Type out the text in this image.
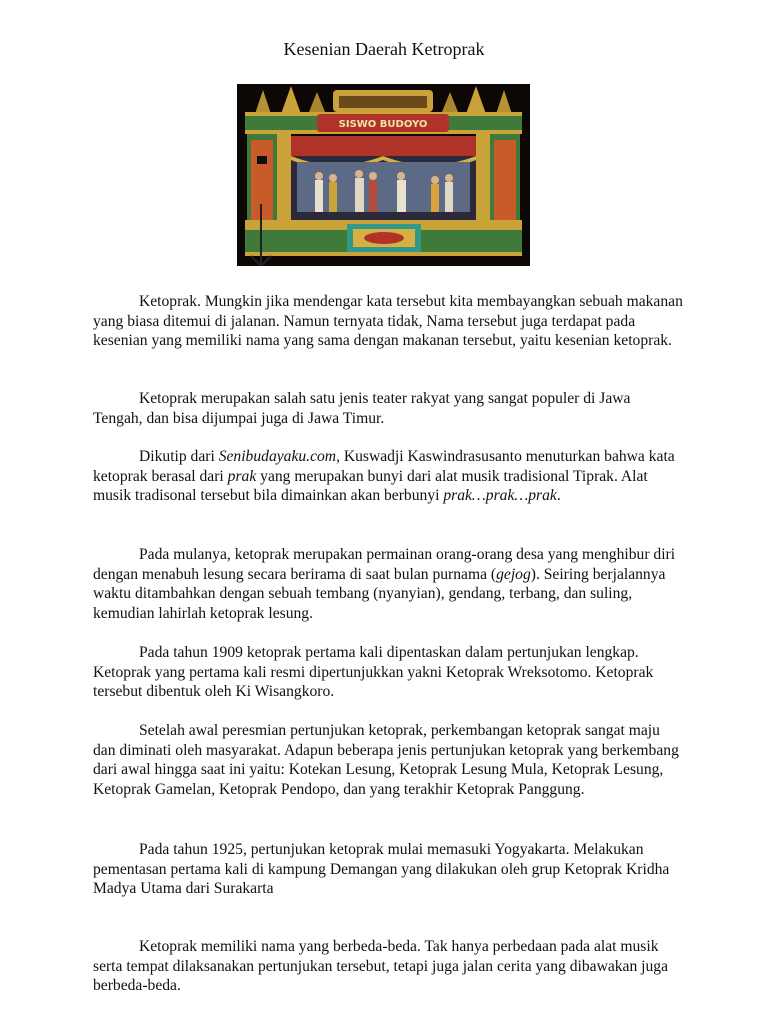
Kesenian Daerah Ketroprak
SISWO BUDOYO

Ketoprak. Mungkin jika mendengar kata tersebut kita membayangkan sebuah makanan yang biasa ditemui di jalanan. Namun ternyata tidak, Nama tersebut juga terdapat pada kesenian yang memiliki nama yang sama dengan makanan tersebut, yaitu kesenian ketoprak.

Ketoprak merupakan salah satu jenis teater rakyat yang sangat populer di Jawa Tengah, dan bisa dijumpai juga di Jawa Timur.

Dikutip dari Senibudayaku.com, Kuswadji Kaswindrasusanto menuturkan bahwa kata ketoprak berasal dari prak yang merupakan bunyi dari alat musik tradisional Tiprak. Alat musik tradisonal tersebut bila dimainkan akan berbunyi prak…prak…prak.

Pada mulanya, ketoprak merupakan permainan orang-orang desa yang menghibur diri dengan menabuh lesung secara berirama di saat bulan purnama (gejog). Seiring berjalannya waktu ditambahkan dengan sebuah tembang (nyanyian), gendang, terbang, dan suling, kemudian lahirlah ketoprak lesung.

Pada tahun 1909 ketoprak pertama kali dipentaskan dalam pertunjukan lengkap. Ketoprak yang pertama kali resmi dipertunjukkan yakni Ketoprak Wreksotomo. Ketoprak tersebut dibentuk oleh Ki Wisangkoro.

Setelah awal peresmian pertunjukan ketoprak, perkembangan ketoprak sangat maju dan diminati oleh masyarakat. Adapun beberapa jenis pertunjukan ketoprak yang berkembang dari awal hingga saat ini yaitu: Kotekan Lesung, Ketoprak Lesung Mula, Ketoprak Lesung, Ketoprak Gamelan, Ketoprak Pendopo, dan yang terakhir Ketoprak Panggung.

Pada tahun 1925, pertunjukan ketoprak mulai memasuki Yogyakarta. Melakukan pementasan pertama kali di kampung Demangan yang dilakukan oleh grup Ketoprak Kridha Madya Utama dari Surakarta

Ketoprak memiliki nama yang berbeda-beda. Tak hanya perbedaan pada alat musik serta tempat dilaksanakan pertunjukan tersebut, tetapi juga jalan cerita yang dibawakan juga berbeda-beda.
